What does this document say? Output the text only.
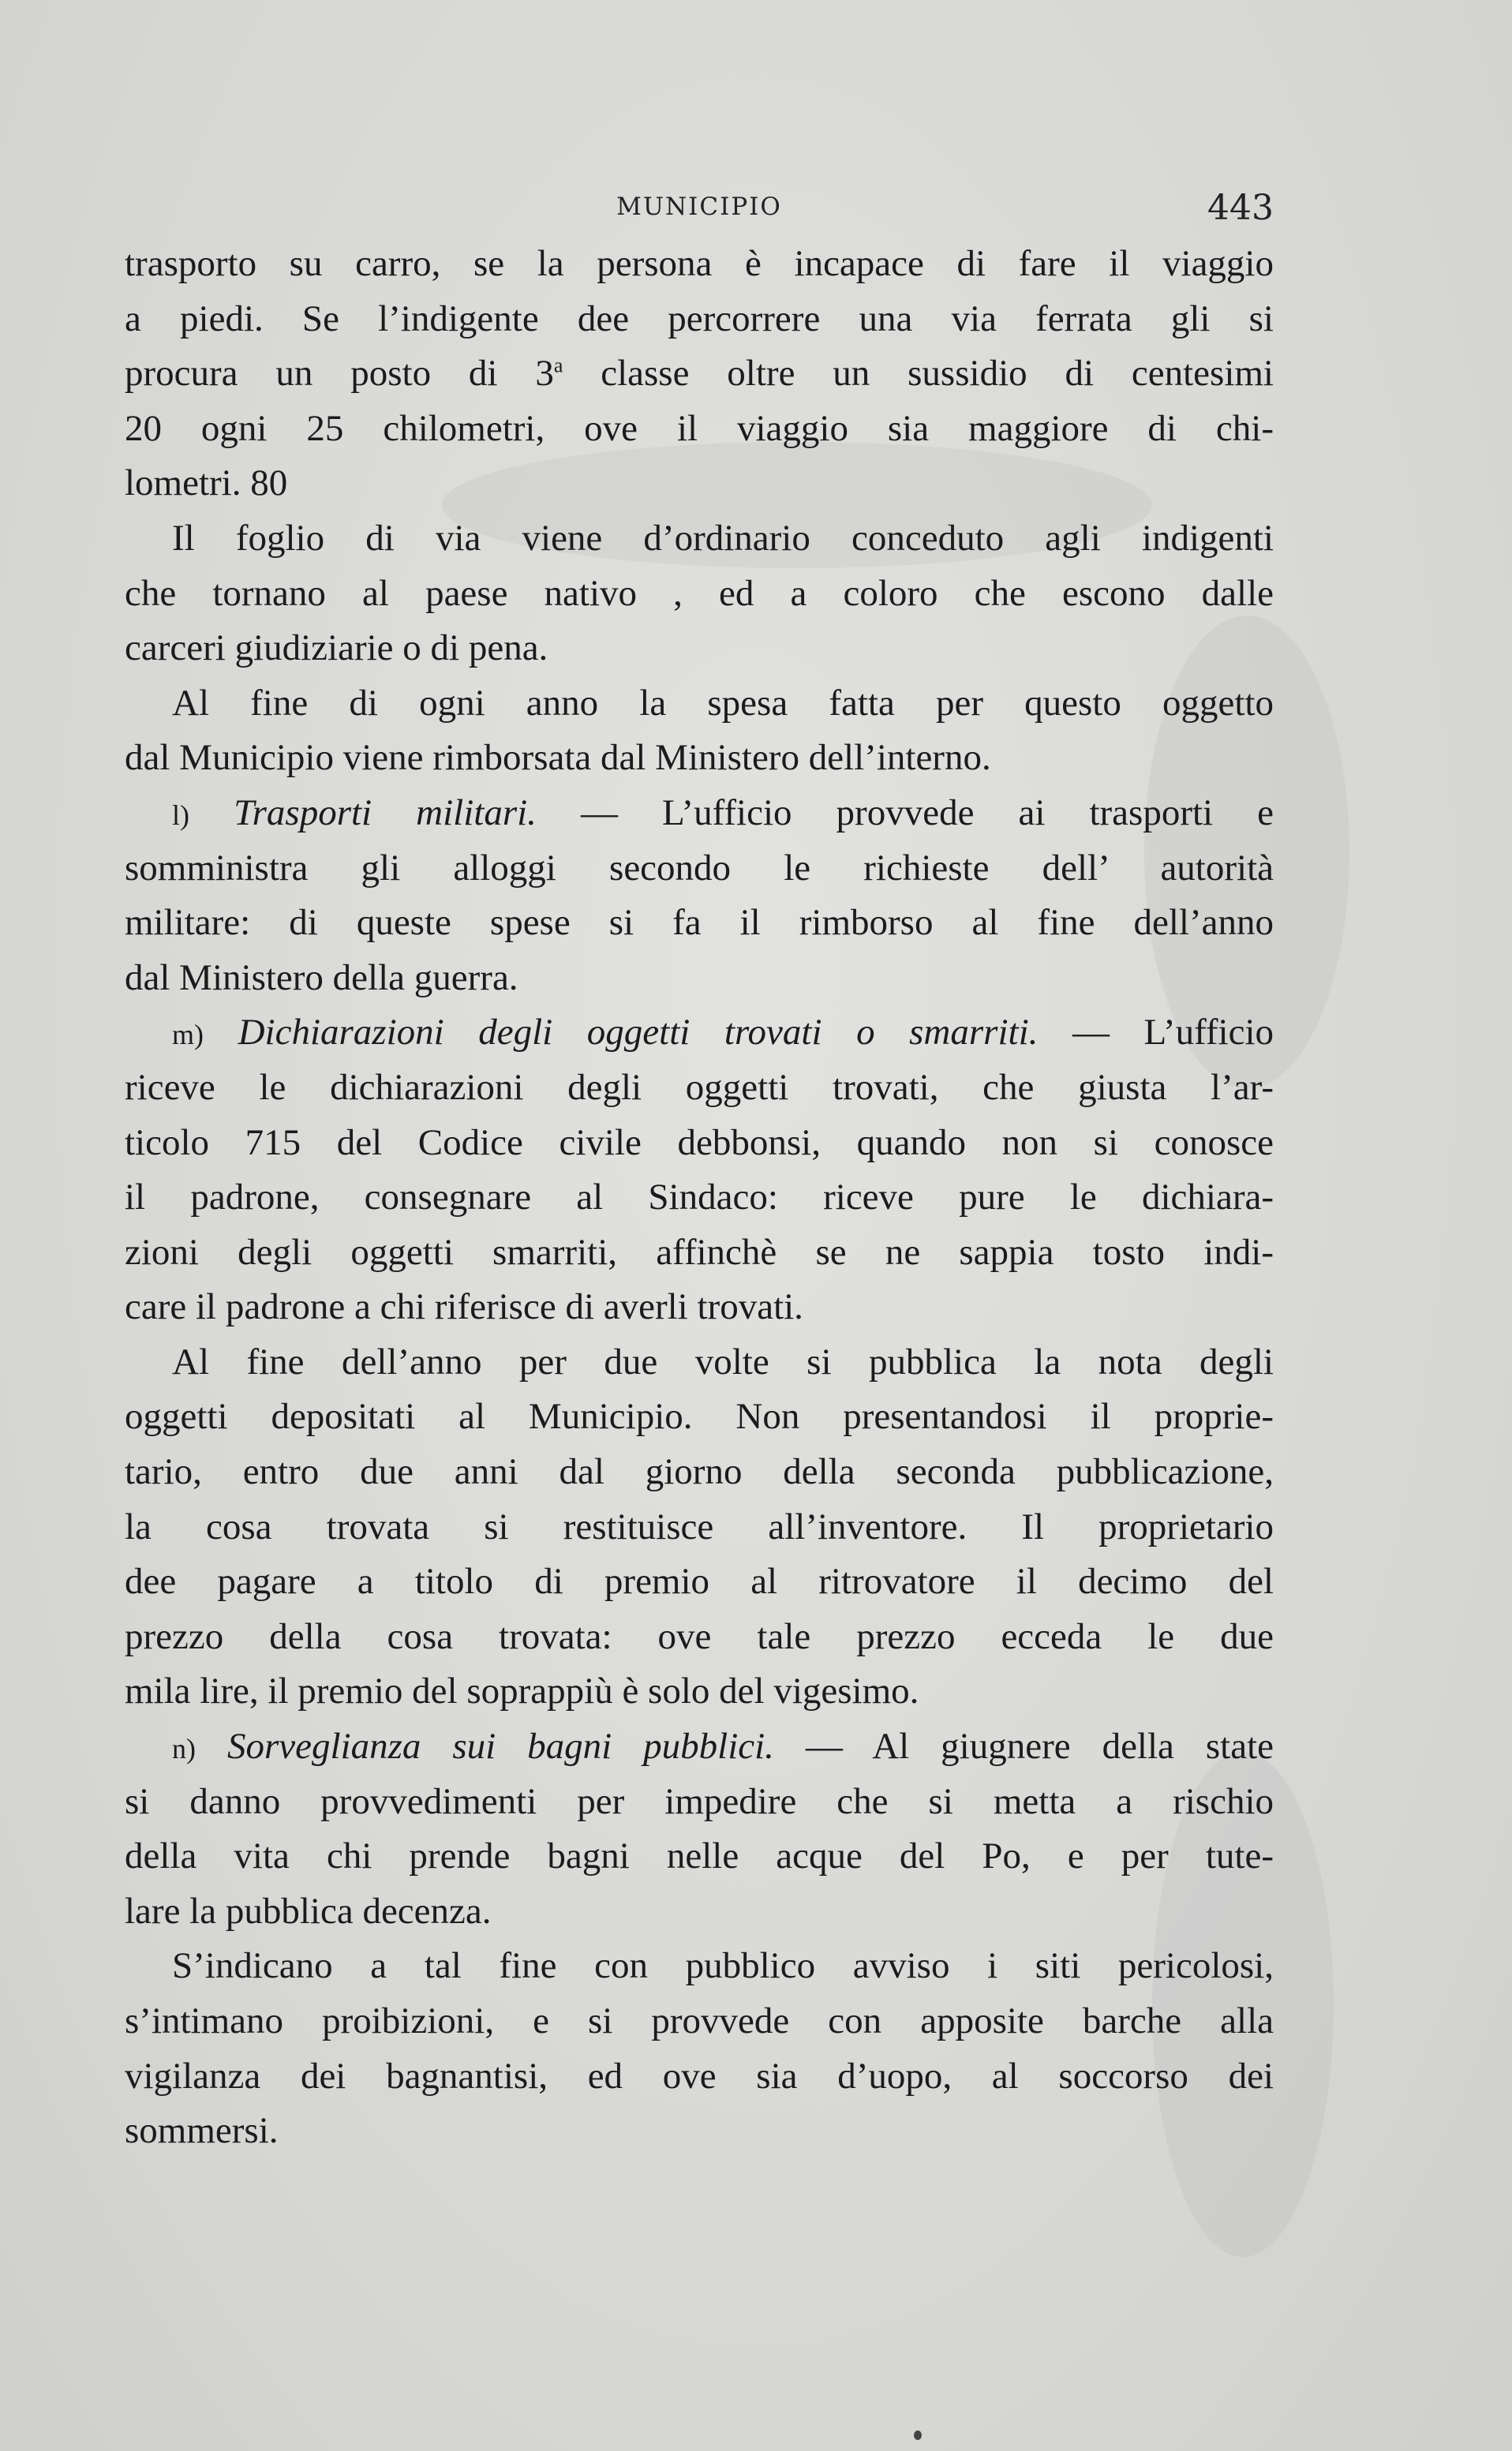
MUNICIPIO	443
trasporto su carro, se la persona è incapace di fare il viaggio
a piedi. Se l’indigente dee percorrere una via ferrata gli si
procura un posto di 3$^a$ classe oltre un sussidio di centesimi
20 ogni 25 chilometri, ove il viaggio sia maggiore di chi-
lometri. 80
Il foglio di via viene d’ordinario conceduto agli indigenti
che tornano al paese nativo , ed a coloro che escono dalle
carceri giudiziarie o di pena.
Al fine di ogni anno la spesa fatta per questo oggetto
dal Municipio viene rimborsata dal Ministero dell’interno.
l) Trasporti militari. — L’ufficio provvede ai trasporti e
somministra gli alloggi secondo le richieste dell’ autorità
militare: di queste spese si fa il rimborso al fine dell’anno
dal Ministero della guerra.
m) Dichiarazioni degli oggetti trovati o smarriti. — L’ufficio
riceve le dichiarazioni degli oggetti trovati, che giusta l’ar-
ticolo 715 del Codice civile debbonsi, quando non si conosce
il padrone, consegnare al Sindaco: riceve pure le dichiara-
zioni degli oggetti smarriti, affinchè se ne sappia tosto indi-
care il padrone a chi riferisce di averli trovati.
Al fine dell’anno per due volte si pubblica la nota degli
oggetti depositati al Municipio. Non presentandosi il proprie-
tario, entro due anni dal giorno della seconda pubblicazione,
la cosa trovata si restituisce all’inventore. Il proprietario
dee pagare a titolo di premio al ritrovatore il decimo del
prezzo della cosa trovata: ove tale prezzo ecceda le due
mila lire, il premio del soprappiù è solo del vigesimo.
n) Sorveglianza sui bagni pubblici. — Al giugnere della state
si danno provvedimenti per impedire che si metta a rischio
della vita chi prende bagni nelle acque del Po, e per tute-
lare la pubblica decenza.
S’indicano a tal fine con pubblico avviso i siti pericolosi,
s’intimano proibizioni, e si provvede con apposite barche alla
vigilanza dei bagnantisi, ed ove sia d’uopo, al soccorso dei
sommersi.
